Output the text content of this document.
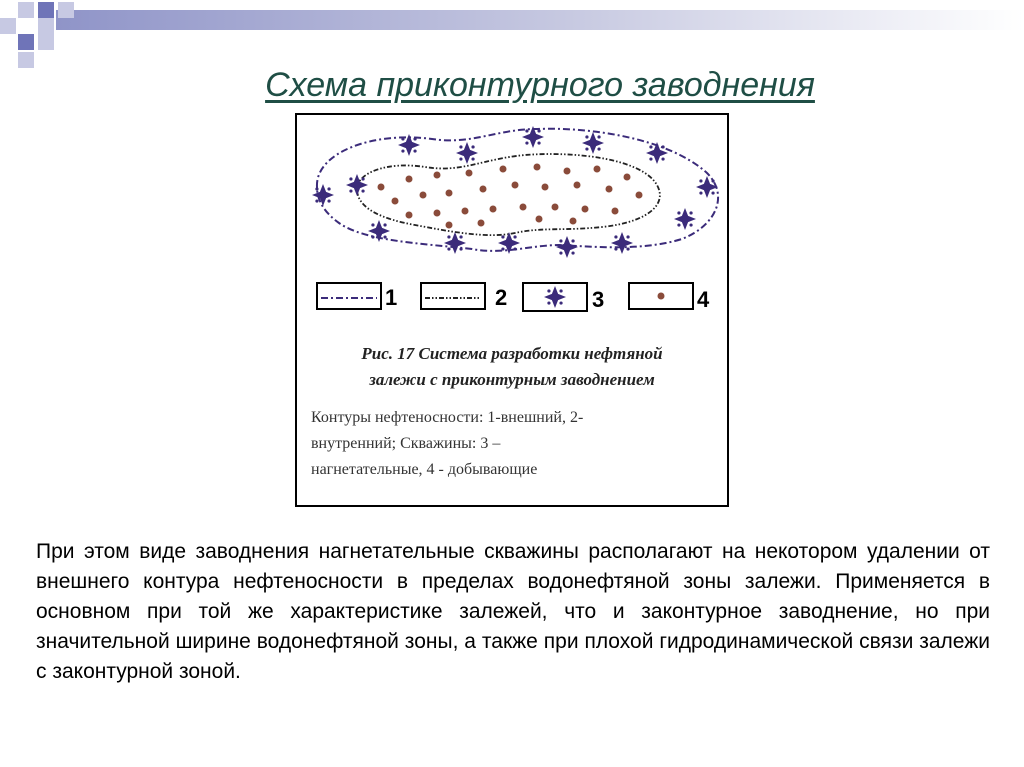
Схема приконтурного заводнения
1	2	3	4
Рис. 17 Система разработки нефтяной
залежи с приконтурным заводнением
Контуры нефтеносности: 1-внешний, 2-
внутренний; Скважины: 3 –
нагнетательные, 4 - добывающие
При этом виде заводнения нагнетательные скважины располагают на некотором удалении от внешнего контура нефтеносности в пределах водонефтяной зоны залежи. Применяется в основном при той же характеристике залежей, что и законтурное заводнение, но при значительной ширине водонефтяной зоны, а также при плохой гидродинамической связи залежи с законтурной зоной.
